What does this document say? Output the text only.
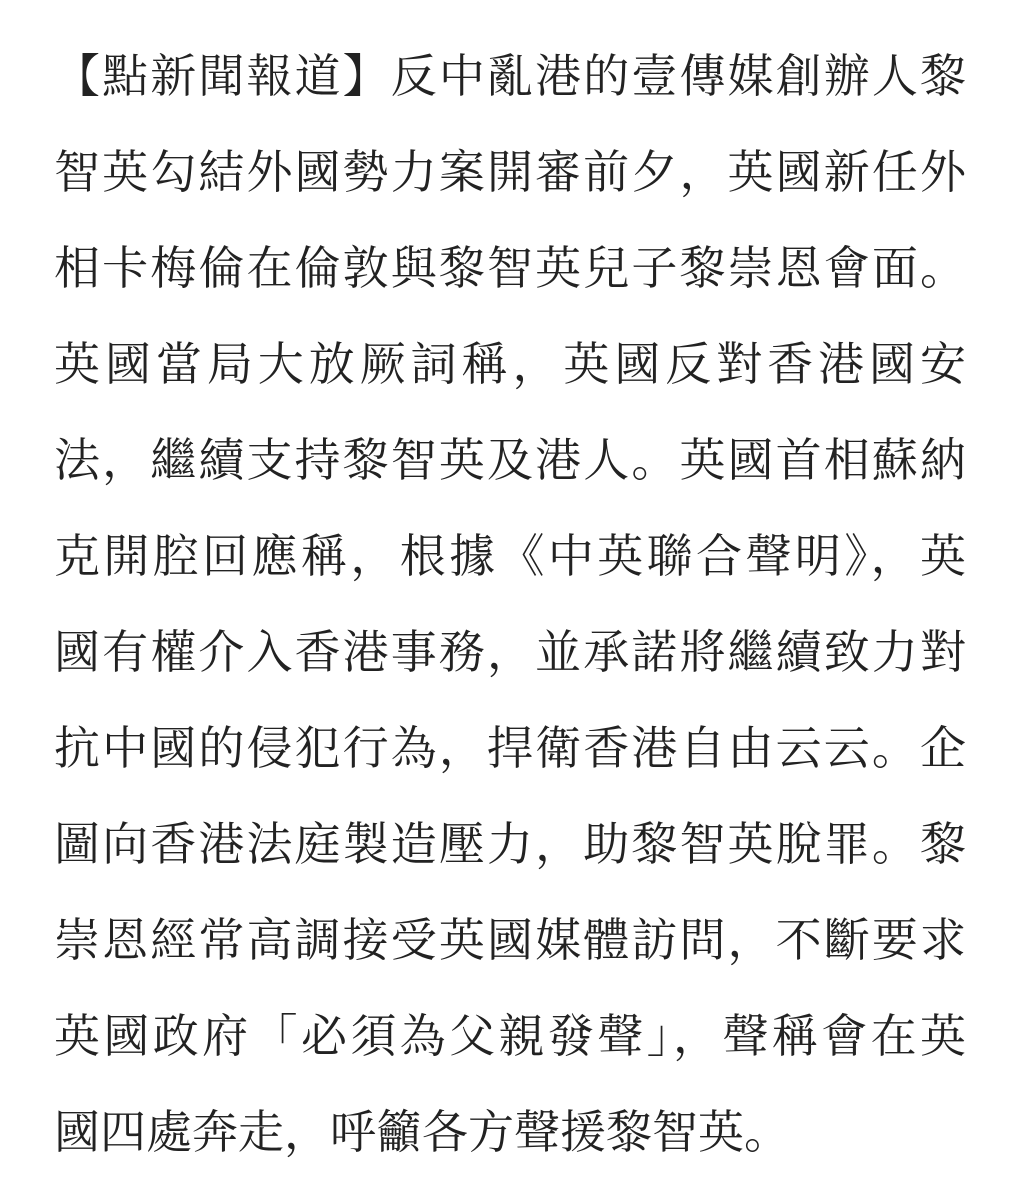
【點新聞報道】反中亂港的壹傳媒創辦人黎
智英勾結外國勢力案開審前夕，英國新任外
相卡梅倫在倫敦與黎智英兒子黎崇恩會面。
英國當局大放厥詞稱，英國反對香港國安
法，繼續支持黎智英及港人。英國首相蘇納
克開腔回應稱，根據《中英聯合聲明》，英
國有權介入香港事務，並承諾將繼續致力對
抗中國的侵犯行為，捍衛香港自由云云。企
圖向香港法庭製造壓力，助黎智英脫罪。黎
崇恩經常高調接受英國媒體訪問，不斷要求
英國政府「必須為父親發聲」，聲稱會在英
國四處奔走，呼籲各方聲援黎智英。
